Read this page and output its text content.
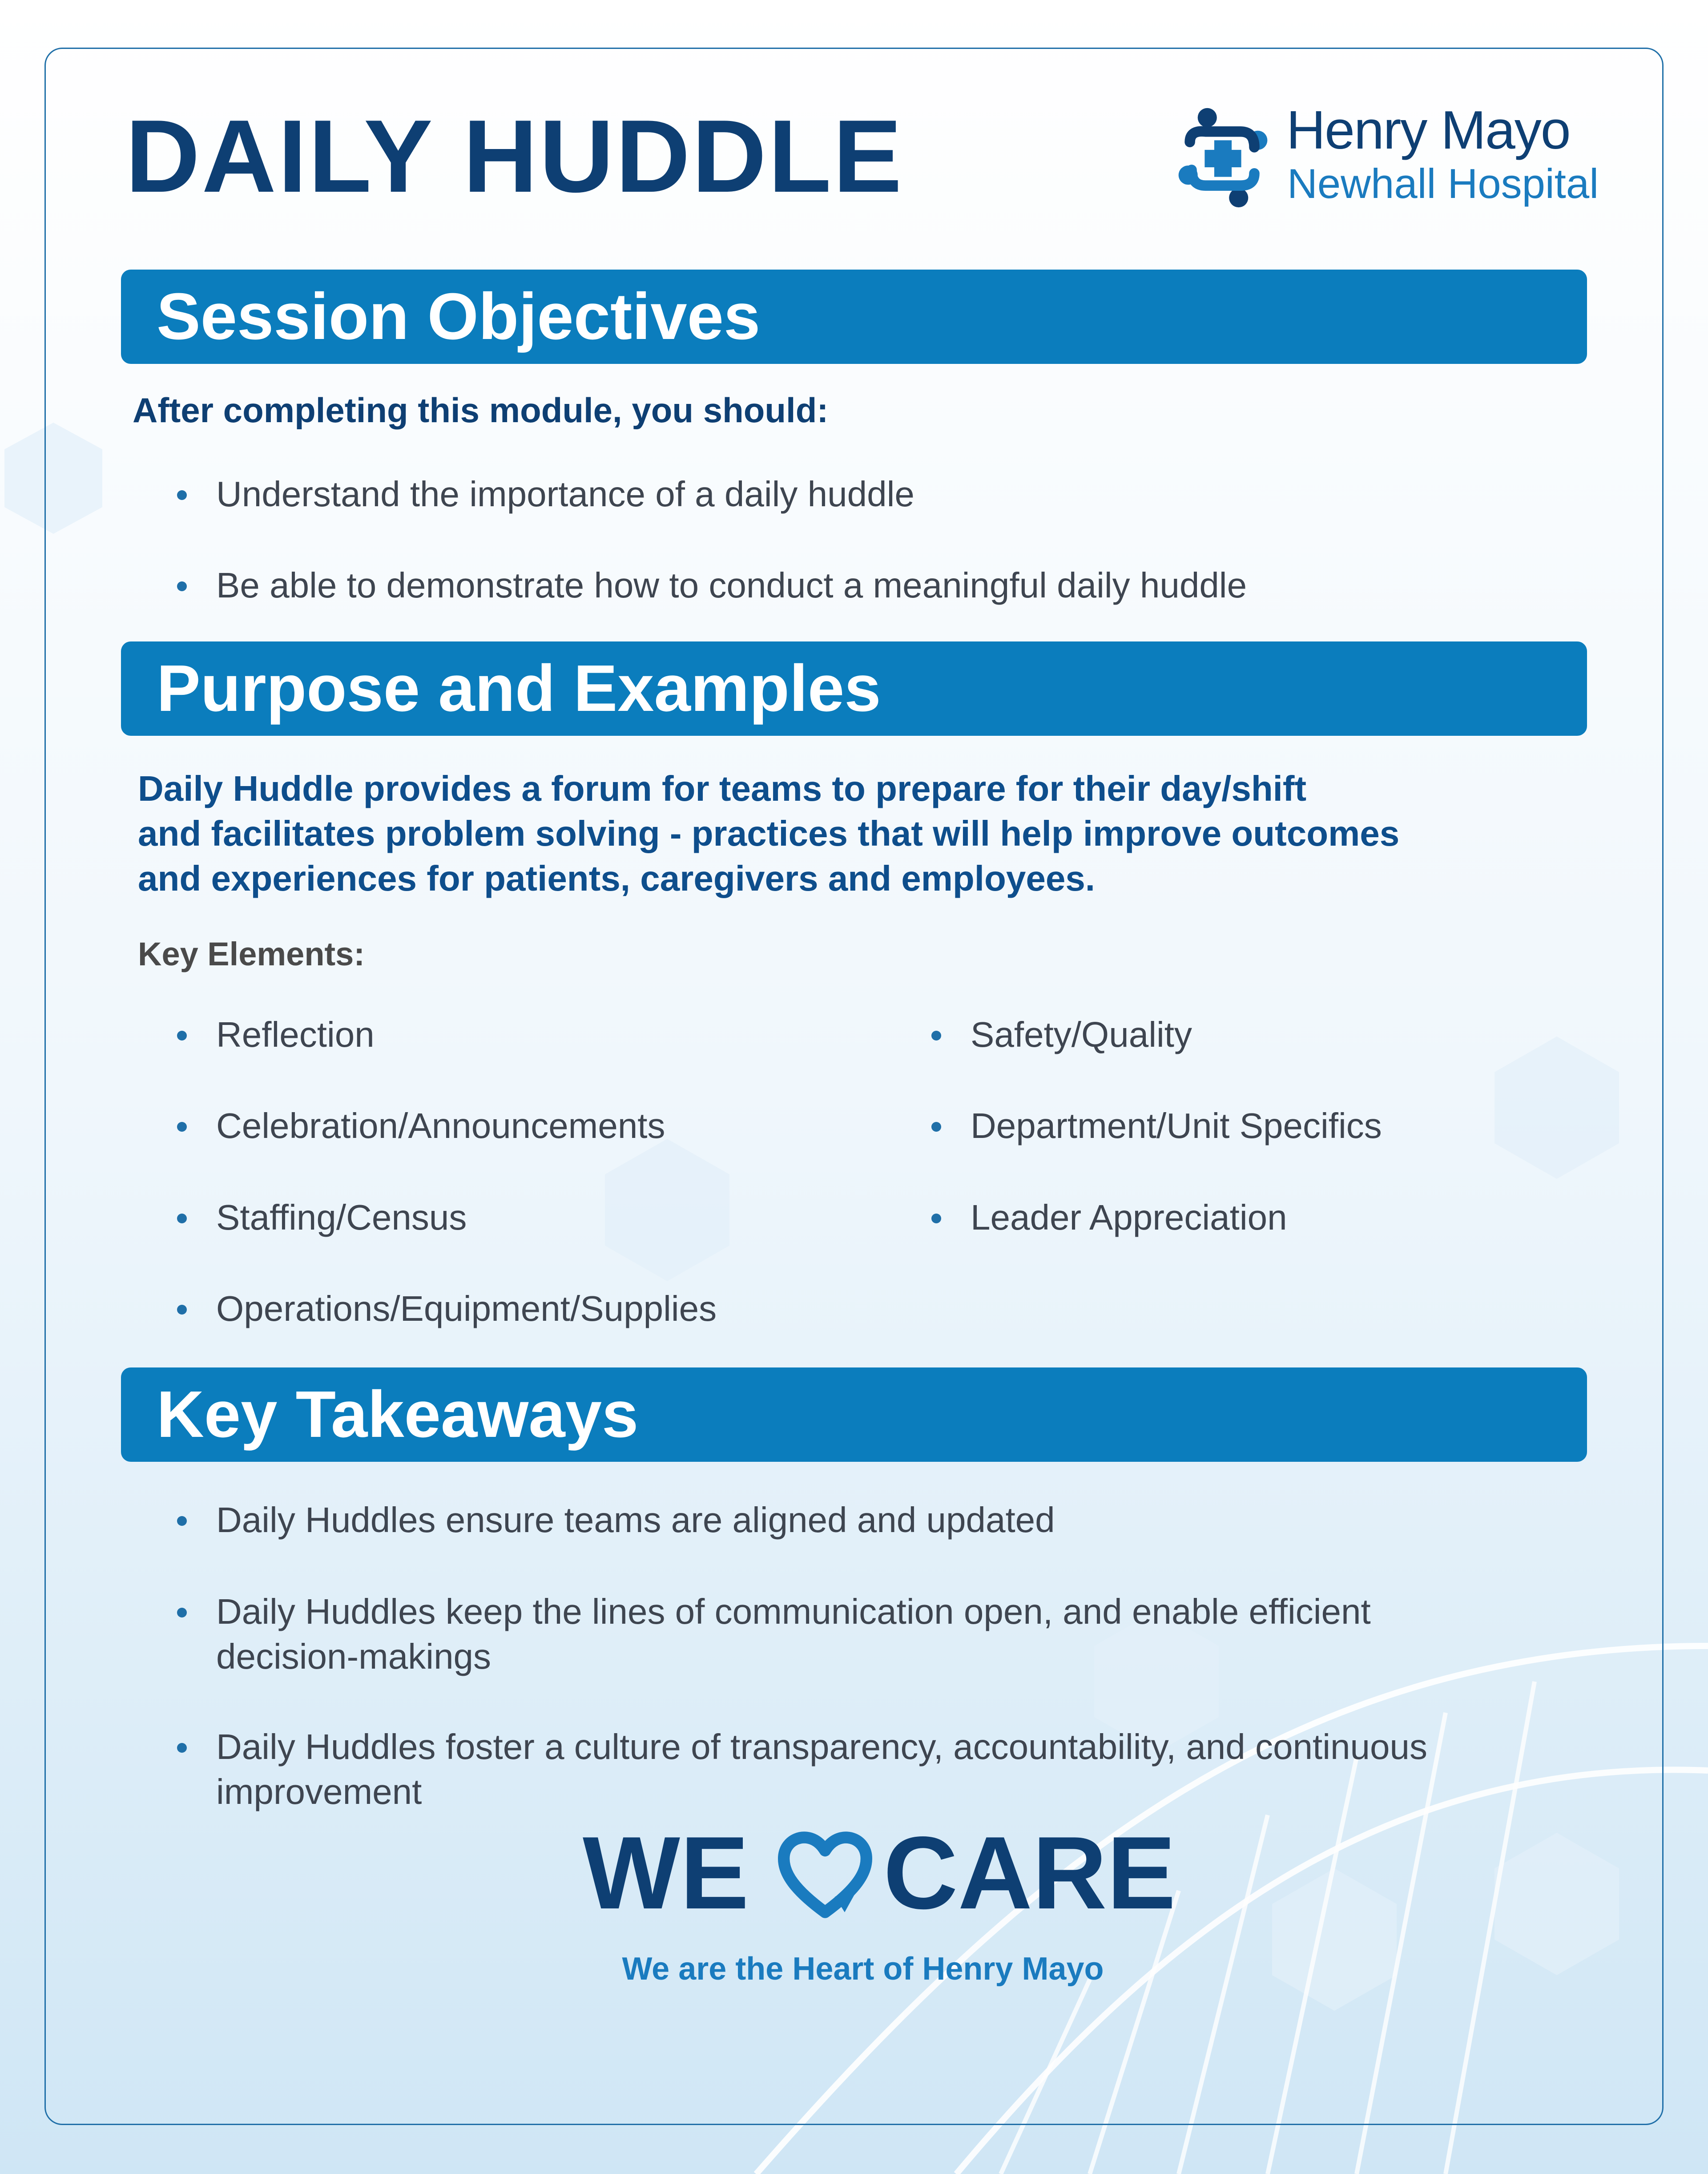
DAILY HUDDLE	Henry Mayo
Newhall Hospital
Session Objectives

After completing this module, you should:

Understand the importance of a daily huddle
Be able to demonstrate how to conduct a meaningful daily huddle
Purpose and Examples

Daily Huddle provides a forum for teams to prepare for their day/shift
and facilitates problem solving - practices that will help improve outcomes
and experiences for patients, caregivers and employees.

Key Elements:

Reflection
Celebration/Announcements
Staffing/Census
Operations/Equipment/Supplies
Safety/Quality
Department/Unit Specifics
Leader Appreciation
Key Takeaways
Daily Huddles ensure teams are aligned and updated
Daily Huddles keep the lines of communication open, and enable efficient
decision-makings
Daily Huddles foster a culture of transparency, accountability, and continuous
improvement
WE CARE
We are the Heart of Henry Mayo
